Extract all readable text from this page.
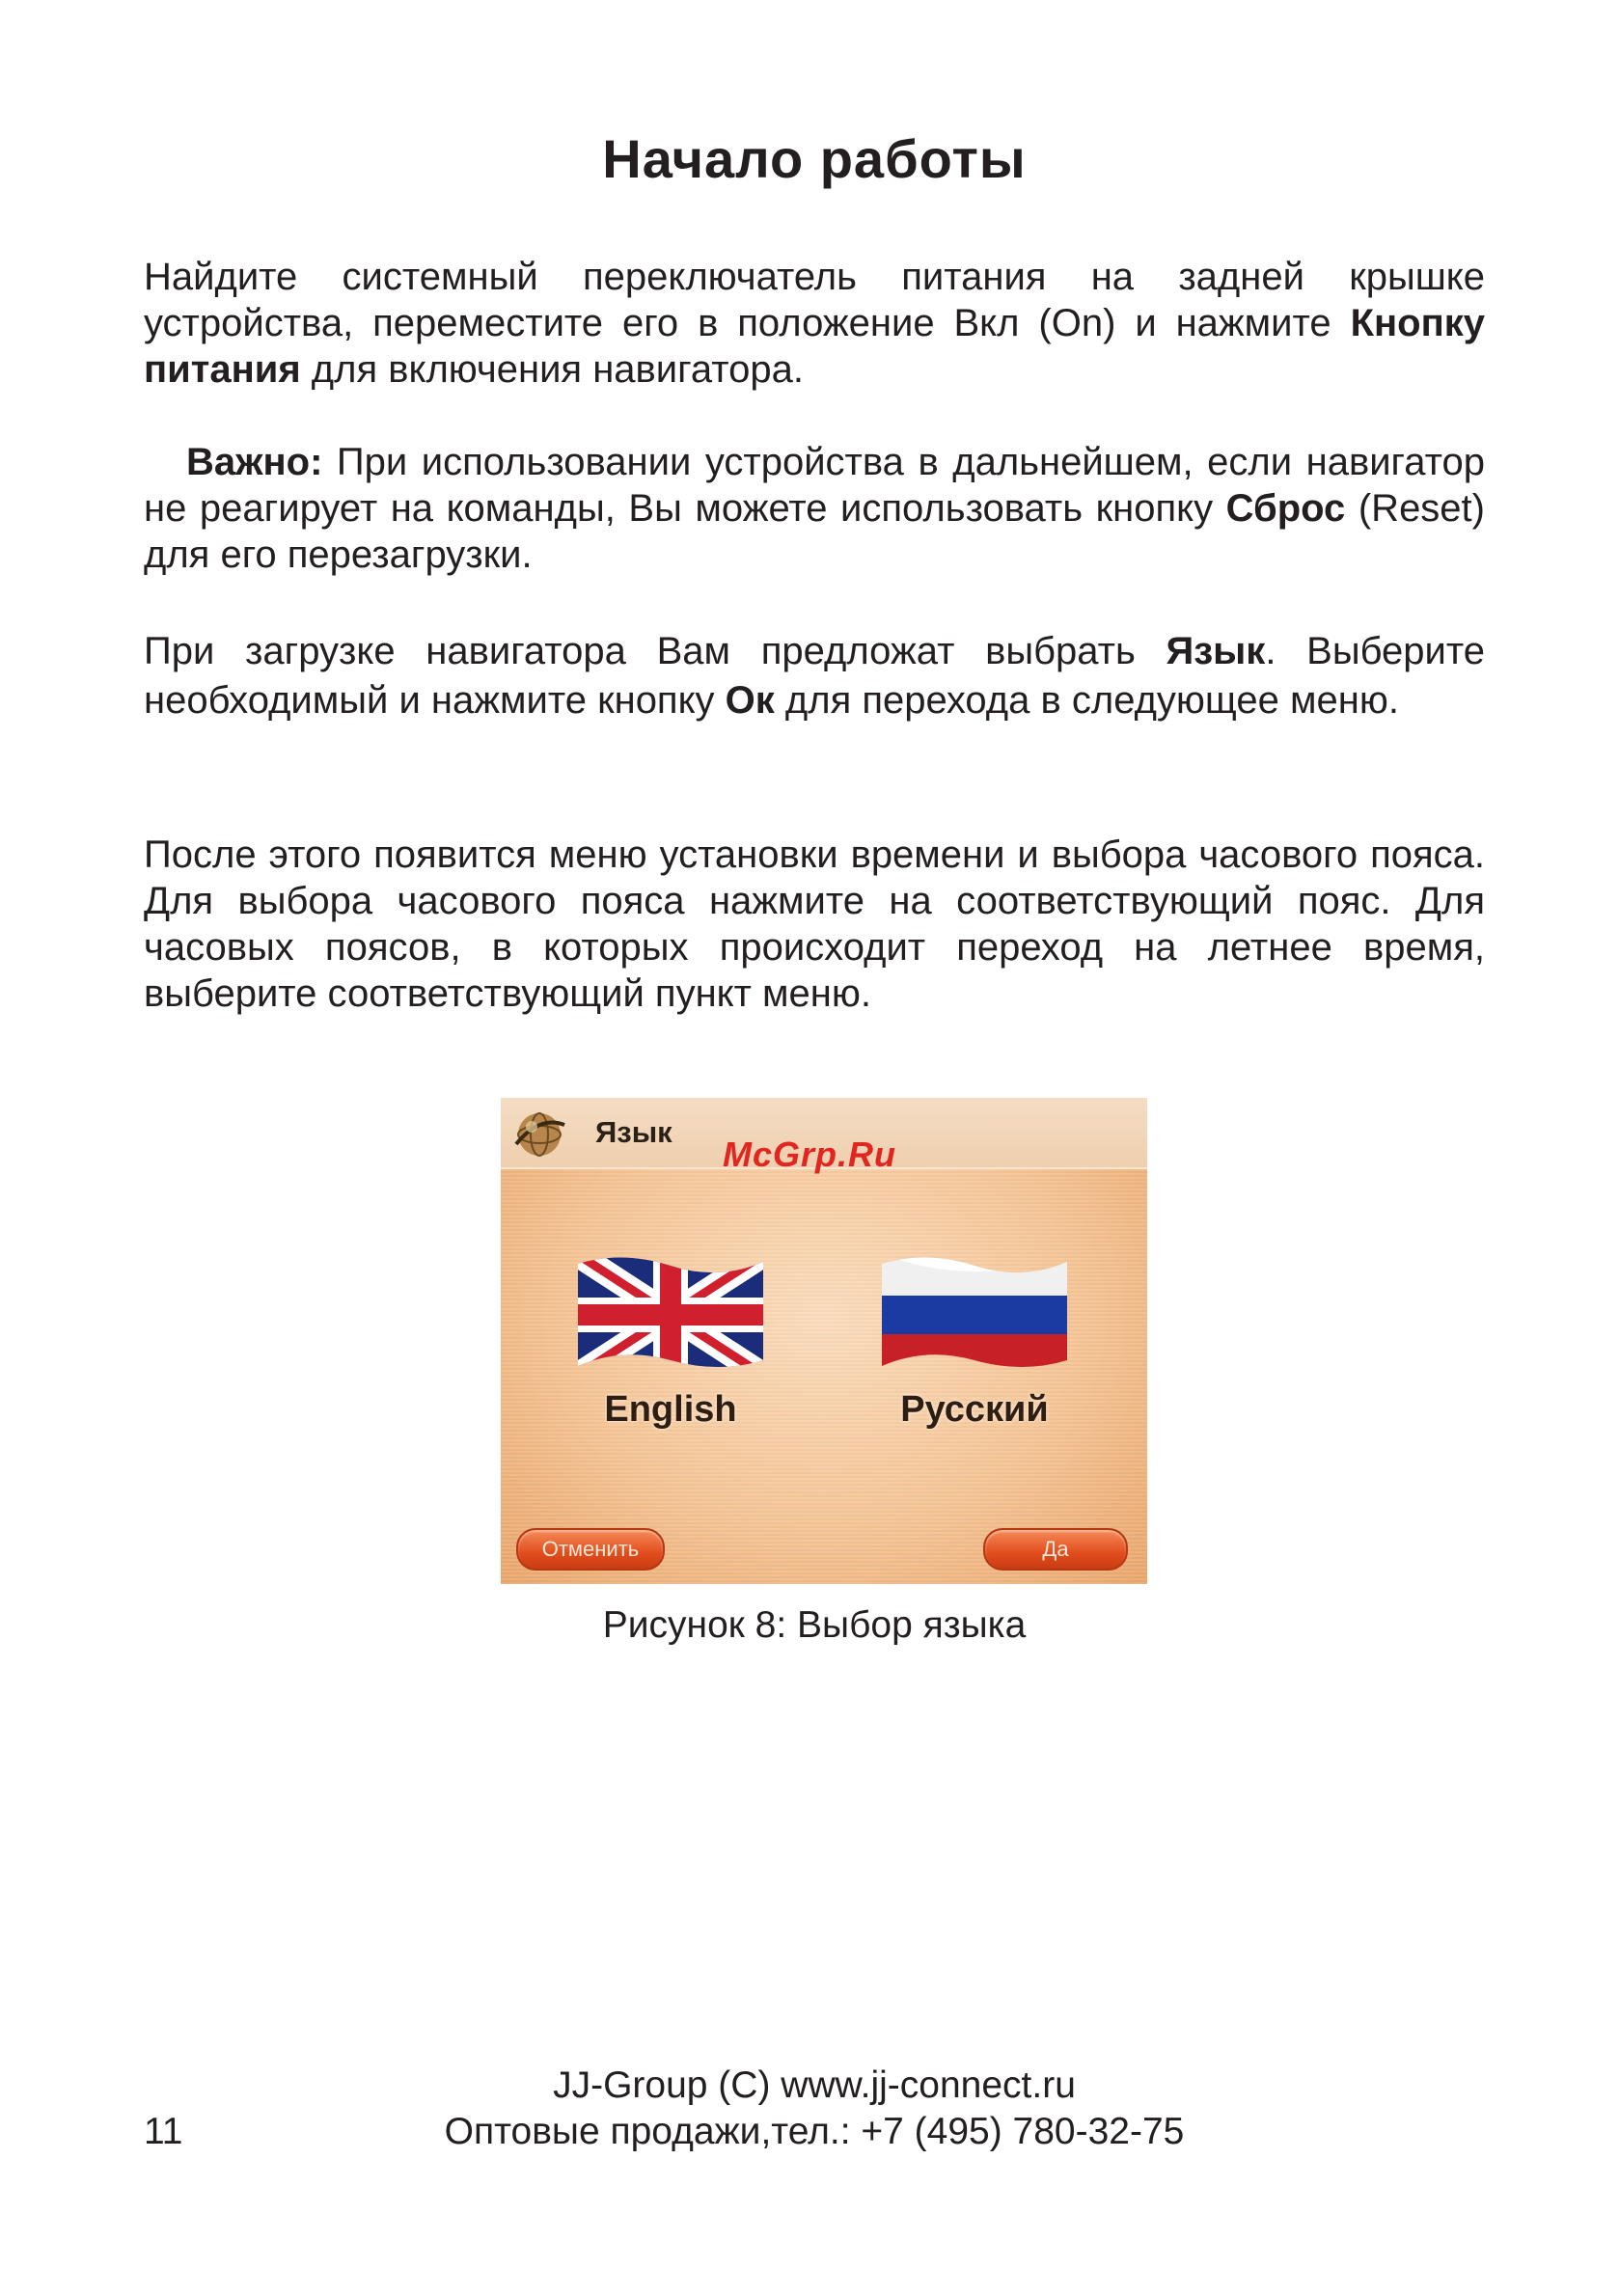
Начало работы

Найдите системный переключатель питания на задней крышке устройства, переместите его в положение Вкл (On) и нажмите Кнопку питания для включения навигатора.

Важно: При использовании устройства в дальнейшем, если навигатор не реагирует на команды, Вы можете использовать кнопку Сброс (Reset) для его перезагрузки.

При загрузке навигатора Вам предложат выбрать Язык. Выберите необходимый и нажмите кнопку Ок для перехода в следующее меню.

После этого появится меню установки времени и выбора часового пояса. Для выбора часового пояса нажмите на соответствующий пояс. Для часовых поясов, в которых происходит переход на летнее время, выберите соответствующий пункт меню.

Язык
McGrp.Ru
English	Русский
Отменить	Да
Рисунок 8: Выбор языка
JJ-Group (C) www.jj-connect.ru
Оптовые продажи,тел.: +7 (495) 780-32-75
11
